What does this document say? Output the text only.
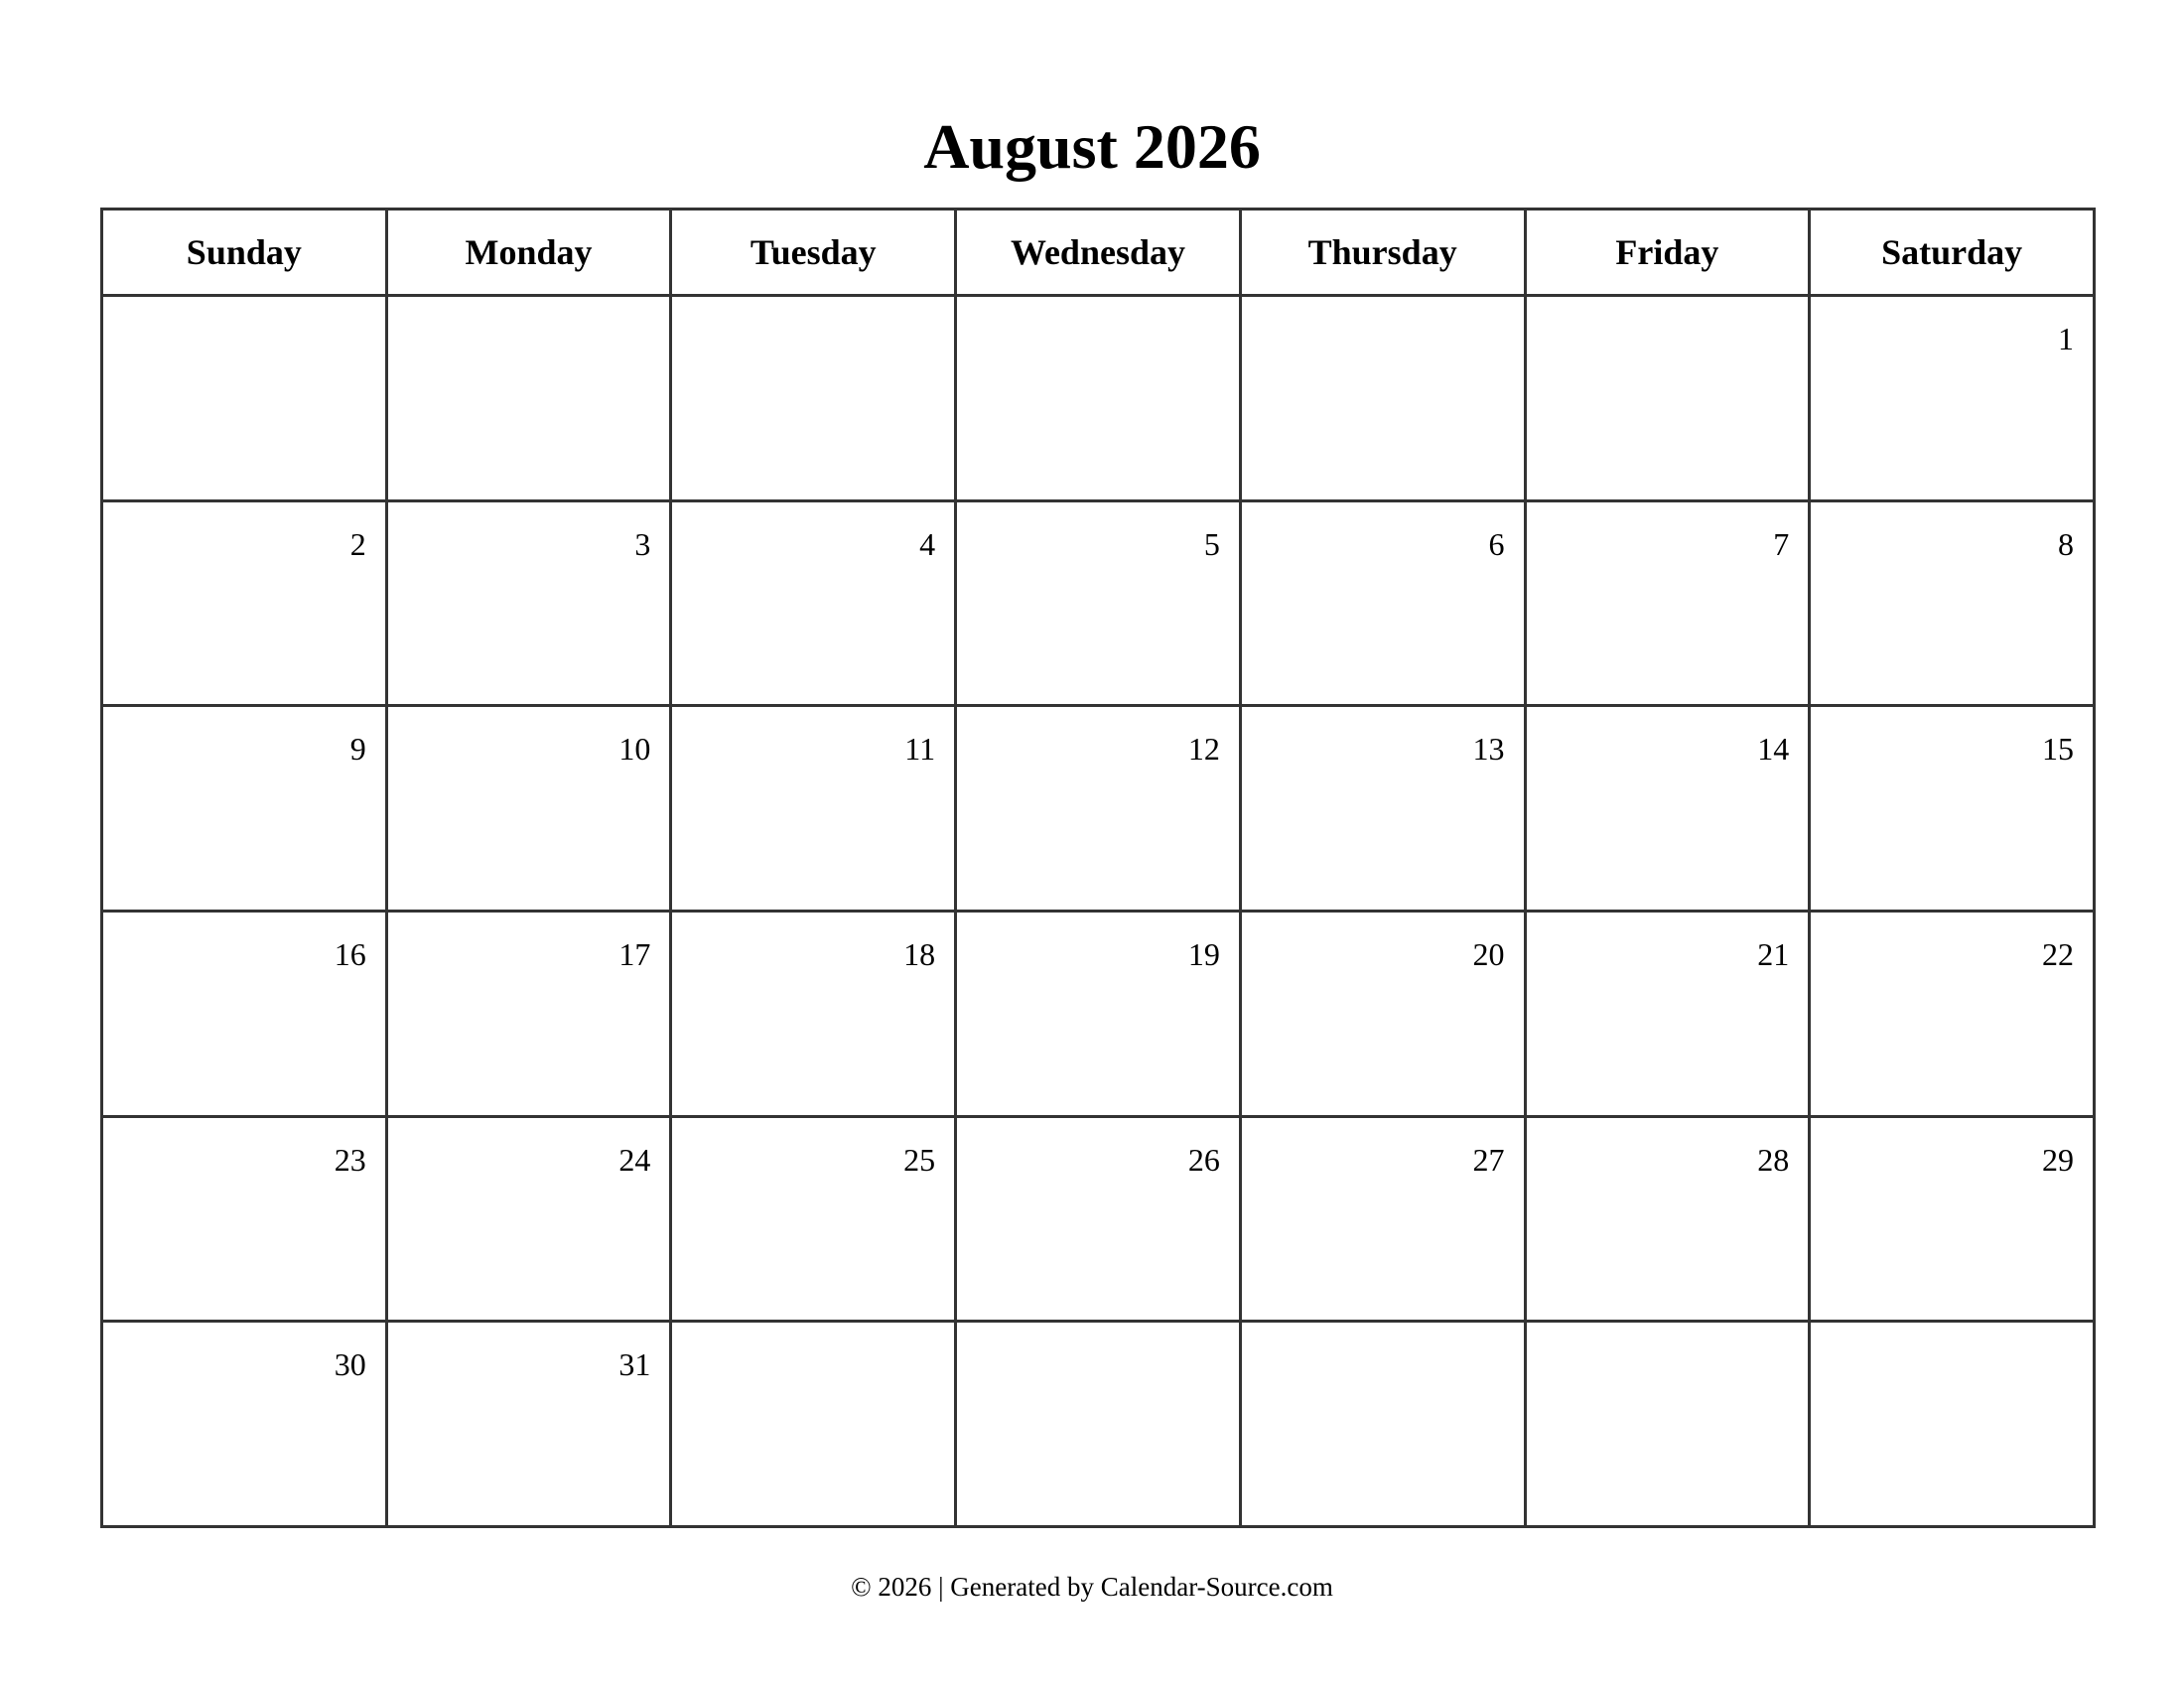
August 2026
Sunday	Monday	Tuesday	Wednesday	Thursday	Friday	Saturday

						1

2	3	4	5	6	7	8

9	10	11	12	13	14	15

16	17	18	19	20	21	22

23	24	25	26	27	28	29

30	31					

© 2026 | Generated by Calendar-Source.com
